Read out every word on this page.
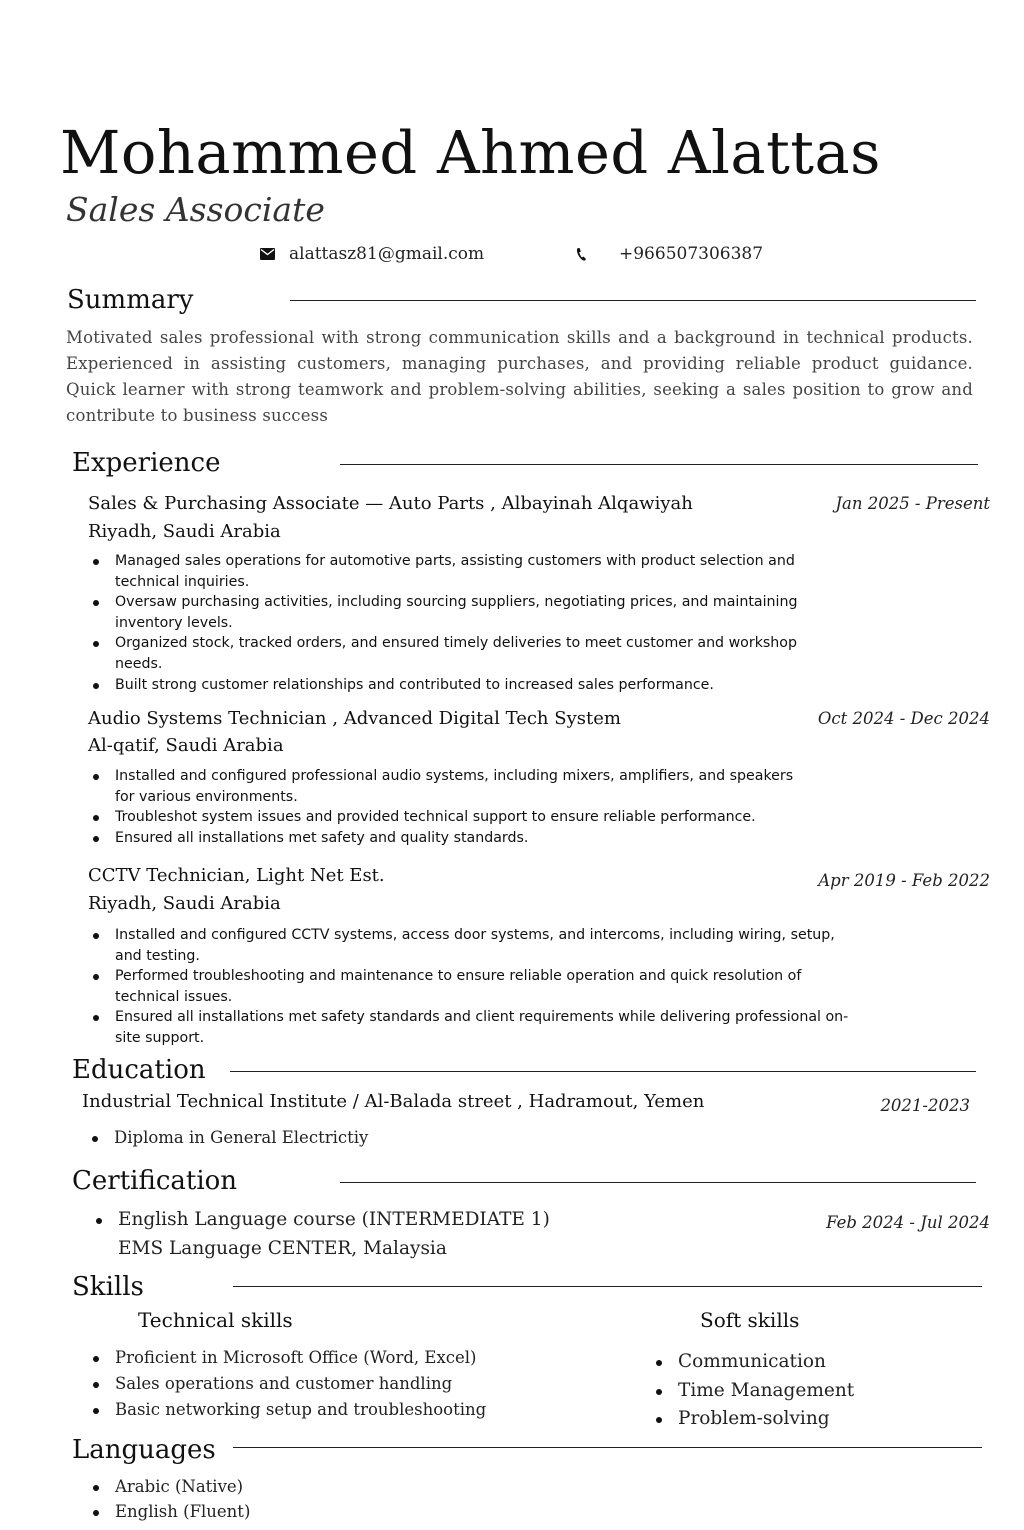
Mohammed Ahmed Alattas
Sales Associate
alattasz81@gmail.com	+966507306387
Summary
Motivated sales professional with strong communication skills and a background in technical products. Experienced in assisting customers, managing purchases, and providing reliable product guidance. Quick learner with strong teamwork and problem-solving abilities, seeking a sales position to grow and contribute to business success
Experience
Sales & Purchasing Associate — Auto Parts , Albayinah Alqawiyah	Jan 2025 - Present
Riyadh, Saudi Arabia
Managed sales operations for automotive parts, assisting customers with product selection and technical inquiries.
Oversaw purchasing activities, including sourcing suppliers, negotiating prices, and maintaining inventory levels.
Organized stock, tracked orders, and ensured timely deliveries to meet customer and workshop needs.
Built strong customer relationships and contributed to increased sales performance.
Audio Systems Technician , Advanced Digital Tech System	Oct 2024 - Dec 2024
Al-qatif, Saudi Arabia
Installed and configured professional audio systems, including mixers, amplifiers, and speakers for various environments.
Troubleshot system issues and provided technical support to ensure reliable performance.
Ensured all installations met safety and quality standards.
CCTV Technician, Light Net Est.	Apr 2019 - Feb 2022
Riyadh, Saudi Arabia
Installed and configured CCTV systems, access door systems, and intercoms, including wiring, setup, and testing.
Performed troubleshooting and maintenance to ensure reliable operation and quick resolution of technical issues.
Ensured all installations met safety standards and client requirements while delivering professional on-site support.
Education
Industrial Technical Institute / Al-Balada street , Hadramout, Yemen	2021-2023
Diploma in General Electrictiy
Certification
English Language course (INTERMEDIATE 1)
EMS Language CENTER, Malaysia
Feb 2024 - Jul 2024
Skills
Technical skills	Soft skills
Proficient in Microsoft Office (Word, Excel)
Sales operations and customer handling
Basic networking setup and troubleshooting
Communication
Time Management
Problem-solving
Languages
Arabic (Native)
English (Fluent)
